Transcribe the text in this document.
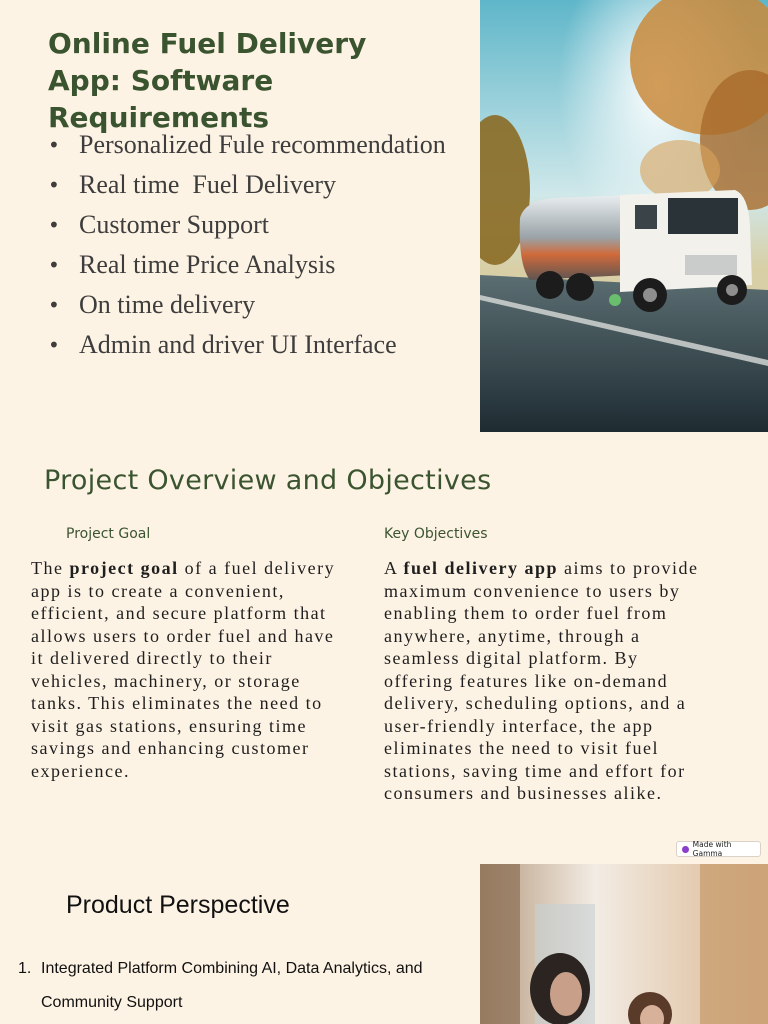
Online Fuel Delivery App: Software Requirements
• Personalized Fule recommendation
• Real time  Fuel Delivery
• Customer Support
• Real time Price Analysis
• On time delivery
• Admin and driver UI Interface
Project Overview and Objectives

Project Goal

The project goal of a fuel delivery app is to create a convenient, efficient, and secure platform that allows users to order fuel and have it delivered directly to their vehicles, machinery, or storage tanks. This eliminates the need to visit gas stations, ensuring time savings and enhancing customer experience.

Key Objectives

A fuel delivery app aims to provide maximum convenience to users by enabling them to order fuel from anywhere, anytime, through a seamless digital platform. By offering features like on-demand delivery, scheduling options, and a user-friendly interface, the app eliminates the need to visit fuel stations, saving time and effort for consumers and businesses alike.

Made with Gamma
Product Perspective
1. Integrated Platform Combining AI, Data Analytics, and Community Support
